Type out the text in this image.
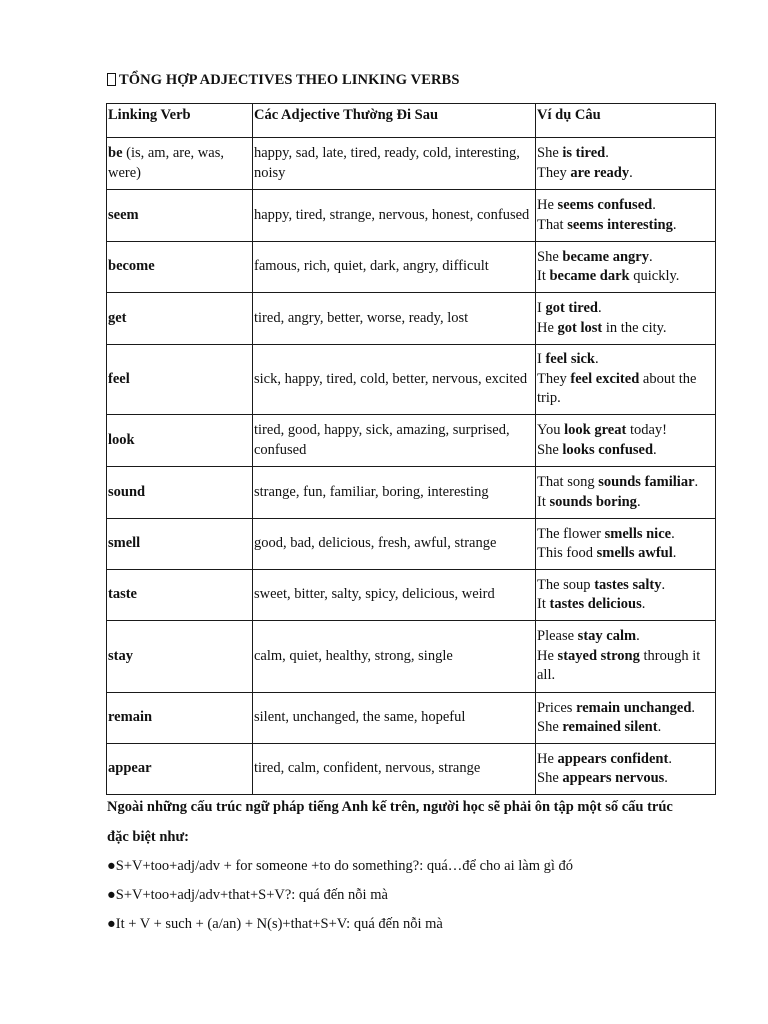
TỔNG HỢP ADJECTIVES THEO LINKING VERBS
Linking Verb	Các Adjective Thường Đi Sau	Ví dụ Câu
be (is, am, are, was, were)	happy, sad, late, tired, ready, cold, interesting, noisy	She is tired.
They are ready.

seem	happy, tired, strange, nervous, honest, confused	He seems confused.
That seems interesting.

become	famous, rich, quiet, dark, angry, difficult	She became angry.
It became dark quickly.

get	tired, angry, better, worse, ready, lost	I got tired.
He got lost in the city.

feel	sick, happy, tired, cold, better, nervous, excited	I feel sick.
They feel excited about the trip.

look	tired, good, happy, sick, amazing, surprised, confused	You look great today!
She looks confused.

sound	strange, fun, familiar, boring, interesting	That song sounds familiar.
It sounds boring.

smell	good, bad, delicious, fresh, awful, strange	The flower smells nice.
This food smells awful.

taste	sweet, bitter, salty, spicy, delicious, weird	The soup tastes salty.
It tastes delicious.

stay	calm, quiet, healthy, strong, single	Please stay calm.
He stayed strong through it all.

remain	silent, unchanged, the same, hopeful	Prices remain unchanged.
She remained silent.

appear	tired, calm, confident, nervous, strange	He appears confident.
She appears nervous.
Ngoài những cấu trúc ngữ pháp tiếng Anh kế trên, người học sẽ phải ôn tập một số cấu trúc
đặc biệt như:
●S+V+too+adj/adv + for someone +to do something?: quá…để cho ai làm gì đó
●S+V+too+adj/adv+that+S+V?: quá đến nỗi mà
●It + V + such + (a/an) + N(s)+that+S+V: quá đến nỗi mà
